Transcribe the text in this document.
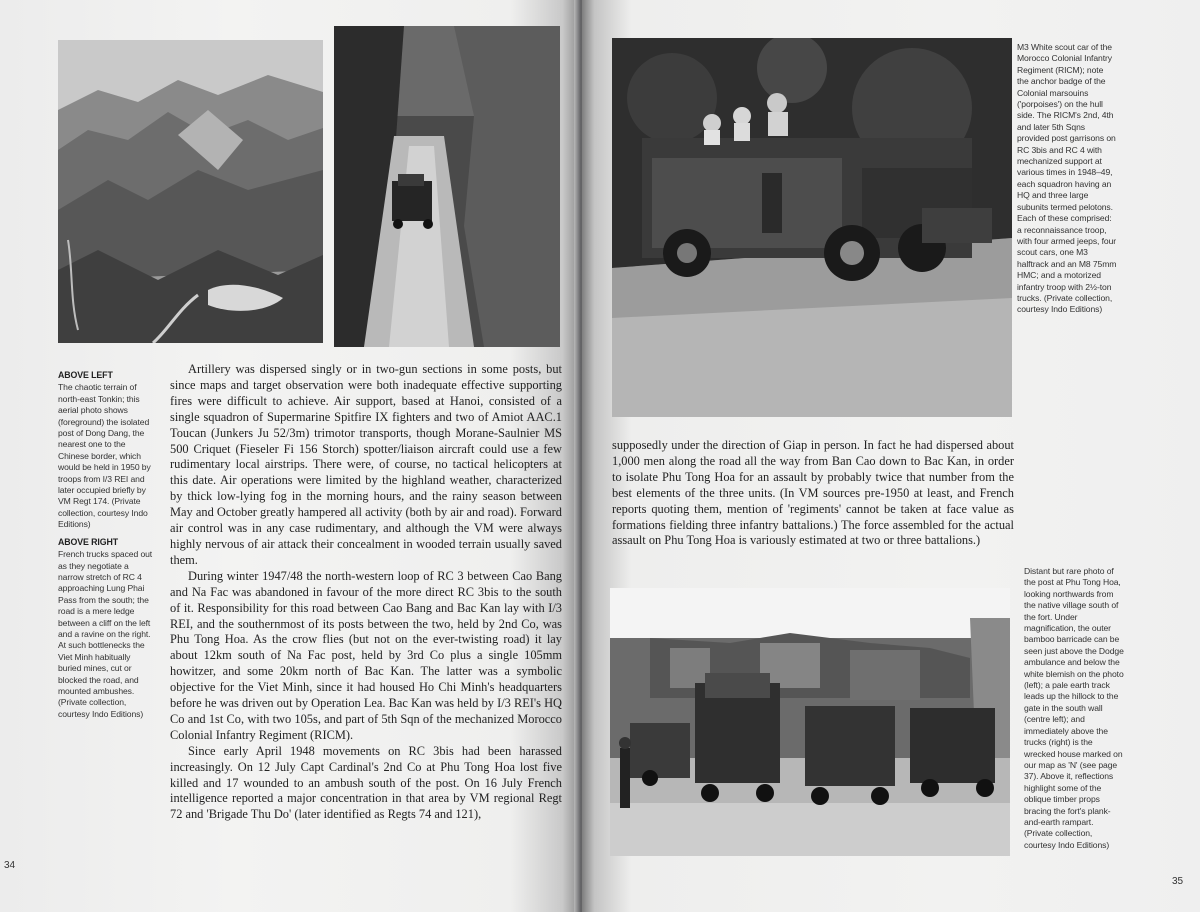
ABOVE LEFT
The chaotic terrain of north-east Tonkin; this aerial photo shows (foreground) the isolated post of Dong Dang, the nearest one to the Chinese border, which would be held in 1950 by troops from I/3 REI and later occupied briefly by VM Regt 174. (Private collection, courtesy Indo Editions)

ABOVE RIGHT
French trucks spaced out as they negotiate a narrow stretch of RC 4 approaching Lung Phai Pass from the south; the road is a mere ledge between a cliff on the left and a ravine on the right. At such bottlenecks the Viet Minh habitually buried mines, cut or blocked the road, and mounted ambushes. (Private collection, courtesy Indo Editions)

Artillery was dispersed singly or in two-gun sections in some posts, but since maps and target observation were both inadequate effective supporting fires were difficult to achieve. Air support, based at Hanoi, consisted of a single squadron of Supermarine Spitfire IX fighters and two of Amiot AAC.1 Toucan (Junkers Ju 52/3m) trimotor transports, though Morane-Saulnier MS 500 Criquet (Fieseler Fi 156 Storch) spotter/liaison aircraft could use a few rudimentary local airstrips. There were, of course, no tactical helicopters at this date. Air operations were limited by the highland weather, characterized by thick low-lying fog in the morning hours, and the rainy season between May and October greatly hampered all activity (both by air and road). Forward air control was in any case rudimentary, and although the VM were always highly nervous of air attack their concealment in wooded terrain usually saved them.

During winter 1947/48 the north-western loop of RC 3 between Cao Bang and Na Fac was abandoned in favour of the more direct RC 3bis to the south of it. Responsibility for this road between Cao Bang and Bac Kan lay with I/3 REI, and the southernmost of its posts between the two, held by 2nd Co, was Phu Tong Hoa. As the crow flies (but not on the ever-twisting road) it lay about 12km south of Na Fac post, held by 3rd Co plus a single 105mm howitzer, and some 20km north of Bac Kan. The latter was a symbolic objective for the Viet Minh, since it had housed Ho Chi Minh's headquarters before he was driven out by Operation Lea. Bac Kan was held by I/3 REI's HQ Co and 1st Co, with two 105s, and part of 5th Sqn of the mechanized Morocco Colonial Infantry Regiment (RICM).

Since early April 1948 movements on RC 3bis had been harassed increasingly. On 12 July Capt Cardinal's 2nd Co at Phu Tong Hoa lost five killed and 17 wounded to an ambush south of the post. On 16 July French intelligence reported a major concentration in that area by VM regional Regt 72 and 'Brigade Thu Do' (later identified as Regts 74 and 121),

34

M3 White scout car of the Morocco Colonial Infantry Regiment (RICM); note the anchor badge of the Colonial marsouins ('porpoises') on the hull side. The RICM's 2nd, 4th and later 5th Sqns provided post garrisons on RC 3bis and RC 4 with mechanized support at various times in 1948–49, each squadron having an HQ and three large subunits termed pelotons. Each of these comprised: a reconnaissance troop, with four armed jeeps, four scout cars, one M3 halftrack and an M8 75mm HMC; and a motorized infantry troop with 2½-ton trucks. (Private collection, courtesy Indo Editions)

supposedly under the direction of Giap in person. In fact he had dispersed about 1,000 men along the road all the way from Ban Cao down to Bac Kan, in order to isolate Phu Tong Hoa for an assault by probably twice that number from the best elements of the three units. (In VM sources pre-1950 at least, and French reports quoting them, mention of 'regiments' cannot be taken at face value as formations fielding three infantry battalions.) The force assembled for the actual assault on Phu Tong Hoa is variously estimated at two or three battalions.)

Distant but rare photo of the post at Phu Tong Hoa, looking northwards from the native village south of the fort. Under magnification, the outer bamboo barricade can be seen just above the Dodge ambulance and below the white blemish on the photo (left); a pale earth track leads up the hillock to the gate in the south wall (centre left); and immediately above the trucks (right) is the wrecked house marked on our map as 'N' (see page 37). Above it, reflections highlight some of the oblique timber props bracing the fort's plank-and-earth rampart. (Private collection, courtesy Indo Editions)

35
